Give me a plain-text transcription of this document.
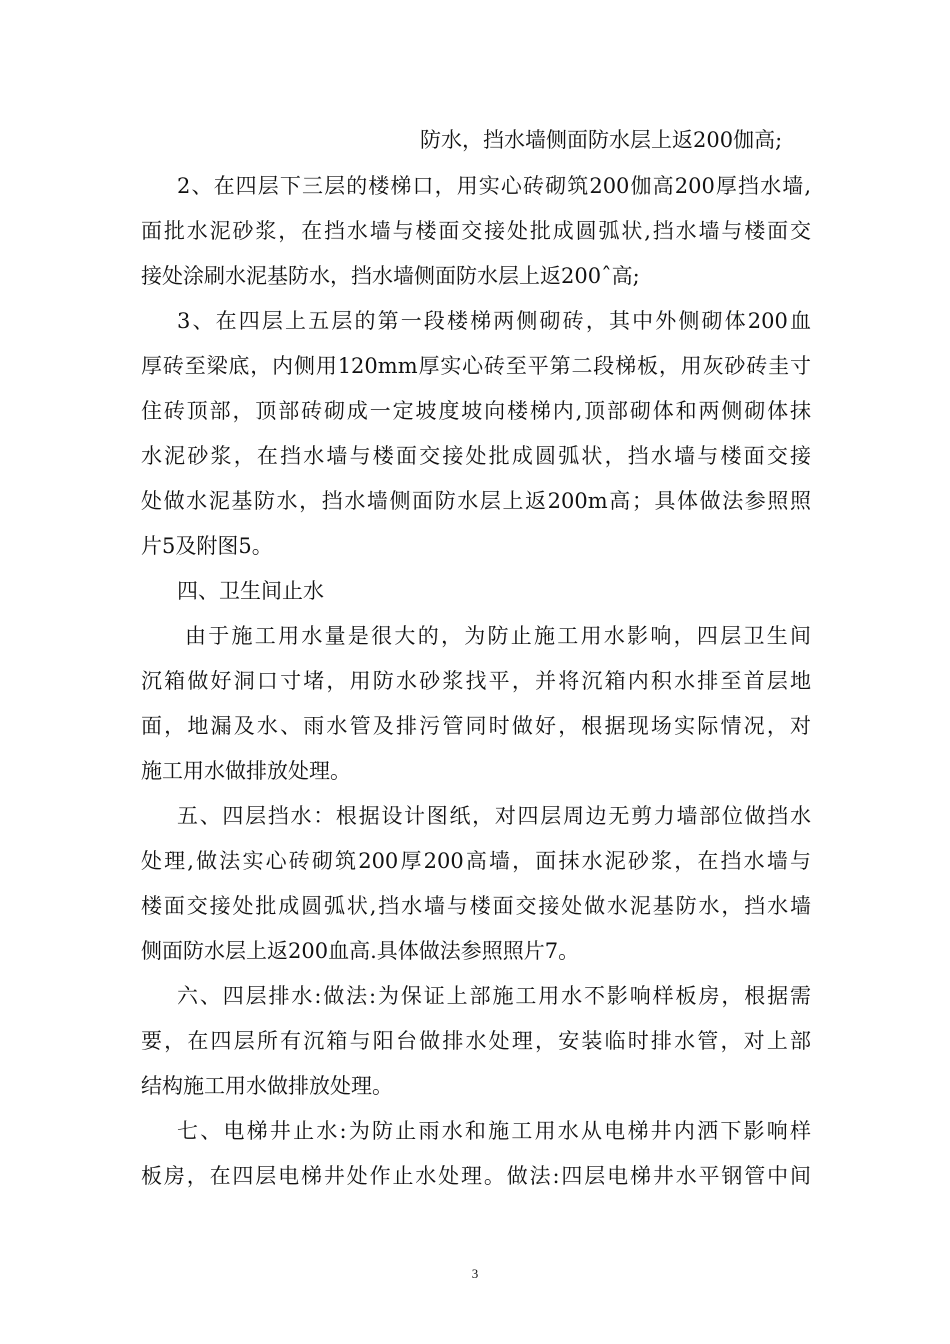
防水，挡水墙侧面防水层上返200伽高;
2、在四层下三层的楼梯口，用实心砖砌筑200伽高200厚挡水墙,
面批水泥砂浆，在挡水墙与楼面交接处批成圆弧状,挡水墙与楼面交
接处涂刷水泥基防水，挡水墙侧面防水层上返200ˆ高;
3、在四层上五层的第一段楼梯两侧砌砖，其中外侧砌体200血
厚砖至梁底，内侧用120mm厚实心砖至平第二段梯板，用灰砂砖圭寸
住砖顶部，顶部砖砌成一定坡度坡向楼梯内,顶部砌体和两侧砌体抹
水泥砂浆，在挡水墙与楼面交接处批成圆弧状，挡水墙与楼面交接
处做水泥基防水，挡水墙侧面防水层上返200m高；具体做法参照照
片5及附图5。
四、卫生间止水
由于施工用水量是很大的，为防止施工用水影响，四层卫生间
沉箱做好洞口寸堵，用防水砂浆找平，并将沉箱内积水排至首层地
面，地漏及水、雨水管及排污管同时做好，根据现场实际情况，对
施工用水做排放处理。
五、四层挡水：根据设计图纸，对四层周边无剪力墙部位做挡水
处理,做法实心砖砌筑200厚200高墙，面抹水泥砂浆，在挡水墙与
楼面交接处批成圆弧状,挡水墙与楼面交接处做水泥基防水，挡水墙
侧面防水层上返200血高.具体做法参照照片7。
六、四层排水:做法:为保证上部施工用水不影响样板房，根据需
要，在四层所有沉箱与阳台做排水处理，安装临时排水管，对上部
结构施工用水做排放处理。
七、电梯井止水:为防止雨水和施工用水从电梯井内洒下影响样
板房，在四层电梯井处作止水处理。做法:四层电梯井水平钢管中间
3
